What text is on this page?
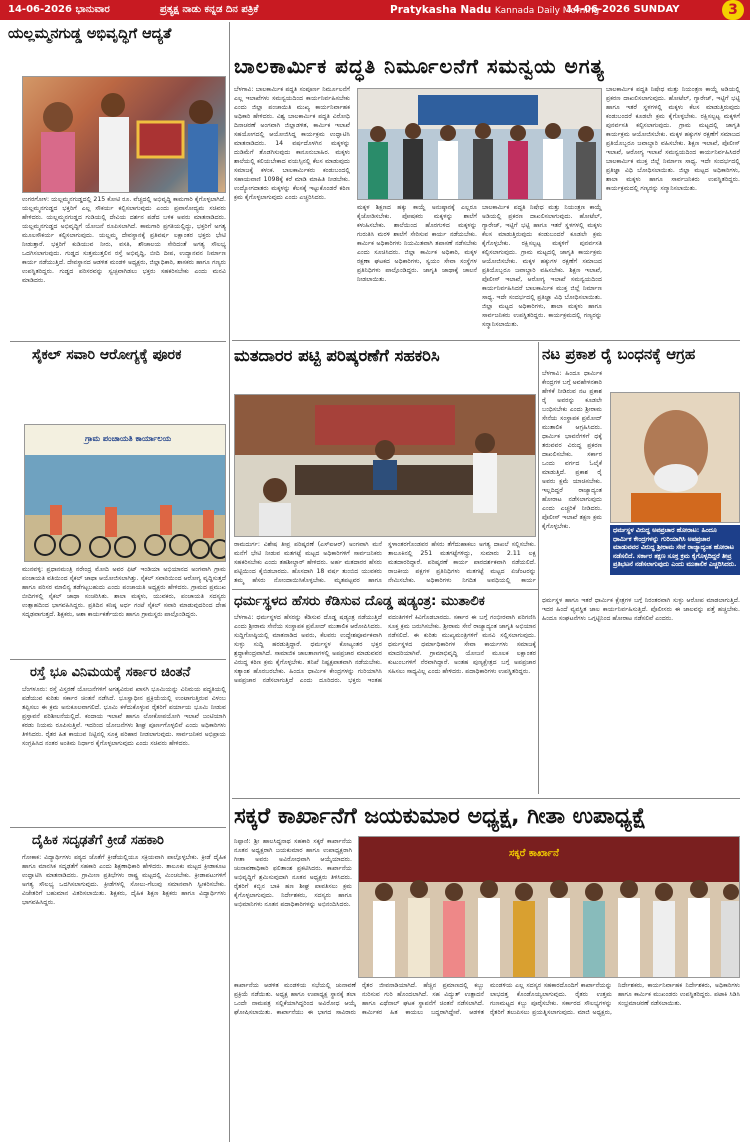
14-06-2026 ಭಾನುವಾರ	ಪ್ರತ್ಯಕ್ಷ ನಾಡು ಕನ್ನಡ ದಿನ ಪತ್ರಿಕೆ	Pratykasha Nadu Kannada Daily Morning
14-06-2026 SUNDAY	3
ಯಲ್ಲಮ್ಮನಗುಡ್ಡ ಅಭಿವೃದ್ಧಿಗೆ ಆದ್ಯತೆ
ಉಗರಗೋಳ: ಯಲ್ಲಮ್ಮನಗುಡ್ಡದಲ್ಲಿ 215 ಕೋಟಿ ರೂ. ವೆಚ್ಚದಲ್ಲಿ ಅಭಿವೃದ್ಧಿ ಕಾಮಗಾರಿ ಕೈಗೊಳ್ಳಲಾಗಿದೆ. ಯಲ್ಲಮ್ಮನಗುಡ್ಡದ ಭಕ್ತರಿಗೆ ಎಲ್ಲ ಸೌಕರ್ಯ ಕಲ್ಪಿಸಲಾಗುವುದು ಎಂದು ಪ್ರವಾಸೋದ್ಯಮ ಸಚಿವರು ಹೇಳಿದರು. ಯಲ್ಲಮ್ಮನಗುಡ್ಡದ ಗುಡಿಯಲ್ಲಿ ದೇವಿಯ ದರ್ಶನ ಪಡೆದ ಬಳಿಕ ಅವರು ಮಾತನಾಡಿದರು. ಯಲ್ಲಮ್ಮನಗುಡ್ಡದ ಅಭಿವೃದ್ಧಿಗೆ ಯೋಜನೆ ರೂಪಿಸಲಾಗಿದೆ. ಕಾಮಗಾರಿ ಪ್ರಗತಿಯಲ್ಲಿದ್ದು, ಭಕ್ತರಿಗೆ ಅಗತ್ಯ ಮೂಲಸೌಕರ್ಯ ಕಲ್ಪಿಸಲಾಗುವುದು. ಯಲ್ಲಮ್ಮ ದೇವಸ್ಥಾನಕ್ಕೆ ಪ್ರತಿವರ್ಷ ಲಕ್ಷಾಂತರ ಭಕ್ತರು ಭೇಟಿ ನೀಡುತ್ತಾರೆ. ಭಕ್ತರಿಗೆ ಕುಡಿಯುವ ನೀರು, ವಸತಿ, ಶೌಚಾಲಯ ಸೇರಿದಂತೆ ಅಗತ್ಯ ಸೌಲಭ್ಯ ಒದಗಿಸಲಾಗುವುದು. ಗುಡ್ಡದ ಸುತ್ತಮುತ್ತಲಿನ ರಸ್ತೆ ಅಭಿವೃದ್ಧಿ, ಬೀದಿ ದೀಪ, ಉದ್ಯಾನವನ ನಿರ್ಮಾಣ ಕಾರ್ಯ ನಡೆಯುತ್ತಿದೆ. ದೇವಸ್ಥಾನದ ಆಡಳಿತ ಮಂಡಳಿ ಅಧ್ಯಕ್ಷರು, ಜಿಲ್ಲಾಧಿಕಾರಿ, ಶಾಸಕರು ಹಾಗೂ ಗಣ್ಯರು ಉಪಸ್ಥಿತರಿದ್ದರು. ಗುಡ್ಡದ ಪರಿಸರವನ್ನು ಸ್ವಚ್ಛವಾಗಿಡಲು ಭಕ್ತರು ಸಹಕರಿಸಬೇಕು ಎಂದು ಮನವಿ ಮಾಡಿದರು.
ಸೈಕಲ್ ಸವಾರಿ ಆರೋಗ್ಯಕ್ಕೆ ಪೂರಕ
ಗ್ರಾಮ ಪಂಚಾಯತಿ ಕಾರ್ಯಾಲಯ
ಮುನವಳ್ಳಿ: ಪ್ರಧಾನಮಂತ್ರಿ ನರೇಂದ್ರ ಮೋದಿ ಅವರ ಫಿಟ್ ಇಂಡಿಯಾ ಅಭಿಯಾನದ ಅಂಗವಾಗಿ ಗ್ರಾಮ ಪಂಚಾಯತಿ ವತಿಯಿಂದ ಸೈಕಲ್ ಜಾಥಾ ಆಯೋಜಿಸಲಾಗಿತ್ತು. ಸೈಕಲ್ ಸವಾರಿಯಿಂದ ಆರೋಗ್ಯ ವೃದ್ಧಿಸುತ್ತದೆ ಹಾಗೂ ಪರಿಸರ ಮಾಲಿನ್ಯ ತಡೆಗಟ್ಟಬಹುದು ಎಂದು ಪಂಚಾಯತಿ ಅಧ್ಯಕ್ಷರು ಹೇಳಿದರು. ಗ್ರಾಮದ ಪ್ರಮುಖ ಬೀದಿಗಳಲ್ಲಿ ಸೈಕಲ್ ಜಾಥಾ ಸಂಚರಿಸಿತು. ಶಾಲಾ ಮಕ್ಕಳು, ಯುವಕರು, ಪಂಚಾಯತಿ ಸದಸ್ಯರು ಉತ್ಸಾಹದಿಂದ ಭಾಗವಹಿಸಿದ್ದರು. ಪ್ರತಿದಿನ ಕನಿಷ್ಠ ಅರ್ಧ ಗಂಟೆ ಸೈಕಲ್ ಸವಾರಿ ಮಾಡುವುದರಿಂದ ದೇಹ ಸದೃಢವಾಗುತ್ತದೆ. ಶಿಕ್ಷಕರು, ಆಶಾ ಕಾರ್ಯಕರ್ತೆಯರು ಹಾಗೂ ಗ್ರಾಮಸ್ಥರು ಪಾಲ್ಗೊಂಡಿದ್ದರು.
ರಸ್ತೆ ಭೂ ವಿನಿಮಯಕ್ಕೆ ಸರ್ಕಾರ ಚಿಂತನೆ
ಬೆಂಗಳೂರು: ರಸ್ತೆ ವಿಸ್ತರಣೆ ಯೋಜನೆಗಳಿಗೆ ಅಗತ್ಯವಿರುವ ಖಾಸಗಿ ಭೂಮಿಯನ್ನು ವಿನಿಮಯ ಪದ್ಧತಿಯಲ್ಲಿ ಪಡೆಯುವ ಕುರಿತು ಸರ್ಕಾರ ಚಿಂತನೆ ನಡೆಸಿದೆ. ಭೂಸ್ವಾಧೀನ ಪ್ರಕ್ರಿಯೆಯಲ್ಲಿ ಉಂಟಾಗುತ್ತಿರುವ ವಿಳಂಬ ತಪ್ಪಿಸಲು ಈ ಕ್ರಮ ಅನುಕೂಲವಾಗಲಿದೆ. ಭೂಮಿ ಕಳೆದುಕೊಳ್ಳುವ ರೈತರಿಗೆ ಪರ್ಯಾಯ ಭೂಮಿ ನೀಡುವ ಪ್ರಸ್ತಾವನೆ ಪರಿಶೀಲನೆಯಲ್ಲಿದೆ. ಕಂದಾಯ ಇಲಾಖೆ ಹಾಗೂ ಲೋಕೋಪಯೋಗಿ ಇಲಾಖೆ ಜಂಟಿಯಾಗಿ ಕರಡು ನಿಯಮ ರೂಪಿಸುತ್ತಿವೆ. ಇದರಿಂದ ಯೋಜನೆಗಳು ಶೀಘ್ರ ಪೂರ್ಣಗೊಳ್ಳಲಿವೆ ಎಂದು ಅಧಿಕಾರಿಗಳು ತಿಳಿಸಿದರು. ರೈತರ ಹಿತ ಕಾಯುವ ನಿಟ್ಟಿನಲ್ಲಿ ಸೂಕ್ತ ಪರಿಹಾರ ನೀಡಲಾಗುವುದು. ಸಾರ್ವಜನಿಕರ ಅಭಿಪ್ರಾಯ ಸಂಗ್ರಹಿಸಿದ ನಂತರ ಅಂತಿಮ ನಿರ್ಧಾರ ಕೈಗೊಳ್ಳಲಾಗುವುದು ಎಂದು ಸಚಿವರು ಹೇಳಿದರು.
ದೈಹಿಕ ಸದೃಢತೆಗೆ ಕ್ರೀಡೆ ಸಹಕಾರಿ
ಗೋಕಾಕ: ವಿದ್ಯಾರ್ಥಿಗಳು ಪಠ್ಯದ ಜೊತೆಗೆ ಕ್ರೀಡೆಯಲ್ಲಿಯೂ ಸಕ್ರಿಯವಾಗಿ ಪಾಲ್ಗೊಳ್ಳಬೇಕು. ಕ್ರೀಡೆ ದೈಹಿಕ ಹಾಗೂ ಮಾನಸಿಕ ಸದೃಢತೆಗೆ ಸಹಕಾರಿ ಎಂದು ಶಿಕ್ಷಣಾಧಿಕಾರಿ ಹೇಳಿದರು. ತಾಲೂಕು ಮಟ್ಟದ ಕ್ರೀಡಾಕೂಟ ಉದ್ಘಾಟಿಸಿ ಮಾತನಾಡಿದರು. ಗ್ರಾಮೀಣ ಪ್ರತಿಭೆಗಳು ರಾಷ್ಟ್ರ ಮಟ್ಟದಲ್ಲಿ ಮಿಂಚಬೇಕು. ಕ್ರೀಡಾಪಟುಗಳಿಗೆ ಅಗತ್ಯ ಸೌಲಭ್ಯ ಒದಗಿಸಲಾಗುವುದು. ಕ್ರೀಡೆಗಳಲ್ಲಿ ಸೋಲು-ಗೆಲುವು ಸಮಾನವಾಗಿ ಸ್ವೀಕರಿಸಬೇಕು. ವಿಜೇತರಿಗೆ ಬಹುಮಾನ ವಿತರಿಸಲಾಯಿತು. ಶಿಕ್ಷಕರು, ದೈಹಿಕ ಶಿಕ್ಷಣ ಶಿಕ್ಷಕರು ಹಾಗೂ ವಿದ್ಯಾರ್ಥಿಗಳು ಭಾಗವಹಿಸಿದ್ದರು.
ಬಾಲಕಾರ್ಮಿಕ ಪದ್ಧತಿ ನಿರ್ಮೂಲನೆಗೆ ಸಮನ್ವಯ ಅಗತ್ಯ
ಬೆಳಗಾವಿ: ಬಾಲಕಾರ್ಮಿಕ ಪದ್ಧತಿ ಸಂಪೂರ್ಣ ನಿರ್ಮೂಲನೆಗೆ ಎಲ್ಲ ಇಲಾಖೆಗಳು ಸಮನ್ವಯದಿಂದ ಕಾರ್ಯನಿರ್ವಹಿಸಬೇಕು ಎಂದು ಜಿಲ್ಲಾ ಪಂಚಾಯಿತಿ ಮುಖ್ಯ ಕಾರ್ಯನಿರ್ವಾಹಕ ಅಧಿಕಾರಿ ಹೇಳಿದರು. ವಿಶ್ವ ಬಾಲಕಾರ್ಮಿಕ ಪದ್ಧತಿ ವಿರೋಧಿ ದಿನಾಚರಣೆ ಅಂಗವಾಗಿ ಜಿಲ್ಲಾಡಳಿತ, ಕಾರ್ಮಿಕ ಇಲಾಖೆ ಸಹಯೋಗದಲ್ಲಿ ಆಯೋಜಿಸಿದ್ದ ಕಾರ್ಯಕ್ರಮ ಉದ್ಘಾಟಿಸಿ ಮಾತನಾಡಿದರು. 14 ವರ್ಷದೊಳಗಿನ ಮಕ್ಕಳನ್ನು ದುಡಿಮೆಗೆ ತೊಡಗಿಸುವುದು ಕಾನೂನುಬಾಹಿರ. ಮಕ್ಕಳು ಶಾಲೆಯಲ್ಲಿ ಕಲಿಯಬೇಕಾದ ವಯಸ್ಸಿನಲ್ಲಿ ಕೆಲಸ ಮಾಡುವುದು ಸಮಾಜಕ್ಕೆ ಕಳಂಕ. ಬಾಲಕಾರ್ಮಿಕರು ಕಂಡುಬಂದಲ್ಲಿ ಸಹಾಯವಾಣಿ 1098ಕ್ಕೆ ಕರೆ ಮಾಡಿ ಮಾಹಿತಿ ನೀಡಬೇಕು. ಉದ್ಯೋಗದಾತರು ಮಕ್ಕಳನ್ನು ಕೆಲಸಕ್ಕೆ ಇಟ್ಟುಕೊಂಡರೆ ಕಠಿಣ ಕ್ರಮ ಕೈಗೊಳ್ಳಲಾಗುವುದು ಎಂದು ಎಚ್ಚರಿಸಿದರು.
ಮಕ್ಕಳ ಶಿಕ್ಷಣದ ಹಕ್ಕು ಕಾಯ್ದೆ ಅನುಷ್ಠಾನಕ್ಕೆ ಎಲ್ಲರೂ ಕೈಜೋಡಿಸಬೇಕು. ಪೋಷಕರು ಮಕ್ಕಳನ್ನು ಶಾಲೆಗೆ ಕಳುಹಿಸಬೇಕು. ಶಾಲೆಯಿಂದ ಹೊರಗುಳಿದ ಮಕ್ಕಳನ್ನು ಗುರುತಿಸಿ ಮರಳಿ ಶಾಲೆಗೆ ಸೇರಿಸುವ ಕಾರ್ಯ ನಡೆಯಬೇಕು. ಕಾರ್ಮಿಕ ಅಧಿಕಾರಿಗಳು ನಿಯಮಿತವಾಗಿ ತಪಾಸಣೆ ನಡೆಸಬೇಕು ಎಂದು ಸೂಚಿಸಿದರು. ಜಿಲ್ಲಾ ಕಾರ್ಮಿಕ ಅಧಿಕಾರಿ, ಮಕ್ಕಳ ರಕ್ಷಣಾ ಘಟಕದ ಅಧಿಕಾರಿಗಳು, ಸ್ವಯಂ ಸೇವಾ ಸಂಸ್ಥೆಗಳ ಪ್ರತಿನಿಧಿಗಳು ಪಾಲ್ಗೊಂಡಿದ್ದರು. ಜಾಗೃತಿ ಜಾಥಾಕ್ಕೆ ಚಾಲನೆ ನೀಡಲಾಯಿತು.
ಬಾಲಕಾರ್ಮಿಕ ಪದ್ಧತಿ ನಿಷೇಧ ಮತ್ತು ನಿಯಂತ್ರಣ ಕಾಯ್ದೆ ಅಡಿಯಲ್ಲಿ ಪ್ರಕರಣ ದಾಖಲಿಸಲಾಗುವುದು. ಹೋಟೆಲ್, ಗ್ಯಾರೇಜ್, ಇಟ್ಟಿಗೆ ಭಟ್ಟಿ ಹಾಗೂ ಇತರೆ ಸ್ಥಳಗಳಲ್ಲಿ ಮಕ್ಕಳು ಕೆಲಸ ಮಾಡುತ್ತಿರುವುದು ಕಂಡುಬಂದರೆ ಕೂಡಲೇ ಕ್ರಮ ಕೈಗೊಳ್ಳಬೇಕು. ರಕ್ಷಿಸಲ್ಪಟ್ಟ ಮಕ್ಕಳಿಗೆ ಪುನರ್ವಸತಿ ಕಲ್ಪಿಸಲಾಗುವುದು. ಗ್ರಾಮ ಮಟ್ಟದಲ್ಲಿ ಜಾಗೃತಿ ಕಾರ್ಯಕ್ರಮ ಆಯೋಜಿಸಬೇಕು. ಮಕ್ಕಳ ಹಕ್ಕುಗಳ ರಕ್ಷಣೆಗೆ ಸಮಾಜದ ಪ್ರತಿಯೊಬ್ಬರೂ ಜವಾಬ್ದಾರಿ ವಹಿಸಬೇಕು. ಶಿಕ್ಷಣ ಇಲಾಖೆ, ಪೊಲೀಸ್ ಇಲಾಖೆ, ಆರೋಗ್ಯ ಇಲಾಖೆ ಸಮನ್ವಯದಿಂದ ಕಾರ್ಯನಿರ್ವಹಿಸಿದರೆ ಬಾಲಕಾರ್ಮಿಕ ಮುಕ್ತ ಜಿಲ್ಲೆ ನಿರ್ಮಾಣ ಸಾಧ್ಯ. ಇದೇ ಸಂದರ್ಭದಲ್ಲಿ ಪ್ರತಿಜ್ಞಾ ವಿಧಿ ಬೋಧಿಸಲಾಯಿತು. ಜಿಲ್ಲಾ ಮಟ್ಟದ ಅಧಿಕಾರಿಗಳು, ಶಾಲಾ ಮಕ್ಕಳು ಹಾಗೂ ಸಾರ್ವಜನಿಕರು ಉಪಸ್ಥಿತರಿದ್ದರು. ಕಾರ್ಯಕ್ರಮದಲ್ಲಿ ಗಣ್ಯರನ್ನು ಸನ್ಮಾನಿಸಲಾಯಿತು.
ಬಾಲಕಾರ್ಮಿಕ ಪದ್ಧತಿ ನಿಷೇಧ ಮತ್ತು ನಿಯಂತ್ರಣ ಕಾಯ್ದೆ ಅಡಿಯಲ್ಲಿ ಪ್ರಕರಣ ದಾಖಲಿಸಲಾಗುವುದು. ಹೋಟೆಲ್, ಗ್ಯಾರೇಜ್, ಇಟ್ಟಿಗೆ ಭಟ್ಟಿ ಹಾಗೂ ಇತರೆ ಸ್ಥಳಗಳಲ್ಲಿ ಮಕ್ಕಳು ಕೆಲಸ ಮಾಡುತ್ತಿರುವುದು ಕಂಡುಬಂದರೆ ಕೂಡಲೇ ಕ್ರಮ ಕೈಗೊಳ್ಳಬೇಕು. ರಕ್ಷಿಸಲ್ಪಟ್ಟ ಮಕ್ಕಳಿಗೆ ಪುನರ್ವಸತಿ ಕಲ್ಪಿಸಲಾಗುವುದು. ಗ್ರಾಮ ಮಟ್ಟದಲ್ಲಿ ಜಾಗೃತಿ ಕಾರ್ಯಕ್ರಮ ಆಯೋಜಿಸಬೇಕು. ಮಕ್ಕಳ ಹಕ್ಕುಗಳ ರಕ್ಷಣೆಗೆ ಸಮಾಜದ ಪ್ರತಿಯೊಬ್ಬರೂ ಜವಾಬ್ದಾರಿ ವಹಿಸಬೇಕು. ಶಿಕ್ಷಣ ಇಲಾಖೆ, ಪೊಲೀಸ್ ಇಲಾಖೆ, ಆರೋಗ್ಯ ಇಲಾಖೆ ಸಮನ್ವಯದಿಂದ ಕಾರ್ಯನಿರ್ವಹಿಸಿದರೆ ಬಾಲಕಾರ್ಮಿಕ ಮುಕ್ತ ಜಿಲ್ಲೆ ನಿರ್ಮಾಣ ಸಾಧ್ಯ. ಇದೇ ಸಂದರ್ಭದಲ್ಲಿ ಪ್ರತಿಜ್ಞಾ ವಿಧಿ ಬೋಧಿಸಲಾಯಿತು. ಜಿಲ್ಲಾ ಮಟ್ಟದ ಅಧಿಕಾರಿಗಳು, ಶಾಲಾ ಮಕ್ಕಳು ಹಾಗೂ ಸಾರ್ವಜನಿಕರು ಉಪಸ್ಥಿತರಿದ್ದರು. ಕಾರ್ಯಕ್ರಮದಲ್ಲಿ ಗಣ್ಯರನ್ನು ಸನ್ಮಾನಿಸಲಾಯಿತು.
ಮತದಾರರ ಪಟ್ಟಿ ಪರಿಷ್ಕರಣೆಗೆ ಸಹಕರಿಸಿ
ರಾಮದುರ್ಗ: ವಿಶೇಷ ತೀವ್ರ ಪರಿಷ್ಕರಣೆ (ಎಸ್ಐಆರ್) ಅಂಗವಾಗಿ ಮನೆ ಮನೆಗೆ ಭೇಟಿ ನೀಡುವ ಮತಗಟ್ಟೆ ಮಟ್ಟದ ಅಧಿಕಾರಿಗಳಿಗೆ ಸಾರ್ವಜನಿಕರು ಸಹಕರಿಸಬೇಕು ಎಂದು ತಹಶೀಲ್ದಾರ್ ಹೇಳಿದರು. ಅರ್ಹ ಮತದಾರರ ಹೆಸರು ಪಟ್ಟಿಯಿಂದ ಕೈಬಿಡಬಾರದು. ಹೊಸದಾಗಿ 18 ವರ್ಷ ತುಂಬಿದ ಯುವಕರು ತಮ್ಮ ಹೆಸರು ನೋಂದಾಯಿಸಿಕೊಳ್ಳಬೇಕು. ಮೃತಪಟ್ಟವರ ಹಾಗೂ ಸ್ಥಳಾಂತರಗೊಂಡವರ ಹೆಸರು ತೆಗೆದುಹಾಕಲು ಅಗತ್ಯ ದಾಖಲೆ ಸಲ್ಲಿಸಬೇಕು. ತಾಲೂಕಿನಲ್ಲಿ 251 ಮತಗಟ್ಟೆಗಳಿದ್ದು, ಸುಮಾರು 2.11 ಲಕ್ಷ ಮತದಾರರಿದ್ದಾರೆ. ಪರಿಷ್ಕರಣೆ ಕಾರ್ಯ ಪಾರದರ್ಶಕವಾಗಿ ನಡೆಯಲಿದೆ. ರಾಜಕೀಯ ಪಕ್ಷಗಳ ಪ್ರತಿನಿಧಿಗಳು ಮತಗಟ್ಟೆ ಮಟ್ಟದ ಏಜೆಂಟರನ್ನು ನೇಮಿಸಬೇಕು. ಅಧಿಕಾರಿಗಳು ನಿಗದಿತ ಅವಧಿಯಲ್ಲಿ ಕಾರ್ಯ
ಧರ್ಮಸ್ಥಳದ ಹೆಸರು ಕೆಡಿಸುವ ದೊಡ್ಡ ಷಡ್ಯಂತ್ರ: ಮುತಾಲಿಕ
ಬೆಳಗಾವಿ: ಧರ್ಮಸ್ಥಳದ ಹೆಸರನ್ನು ಕೆಡಿಸುವ ದೊಡ್ಡ ಷಡ್ಯಂತ್ರ ನಡೆಯುತ್ತಿದೆ ಎಂದು ಶ್ರೀರಾಮ ಸೇನೆಯ ಸಂಸ್ಥಾಪಕ ಪ್ರಮೋದ್ ಮುತಾಲಿಕ ಆರೋಪಿಸಿದರು. ಸುದ್ದಿಗೋಷ್ಠಿಯಲ್ಲಿ ಮಾತನಾಡಿದ ಅವರು, ಕೆಲವರು ಉದ್ದೇಶಪೂರ್ವಕವಾಗಿ ಸುಳ್ಳು ಸುದ್ದಿ ಹರಡುತ್ತಿದ್ದಾರೆ. ಧರ್ಮಸ್ಥಳ ಕೋಟ್ಯಂತರ ಭಕ್ತರ ಶ್ರದ್ಧಾಕೇಂದ್ರವಾಗಿದೆ. ಸಾಮಾಜಿಕ ಜಾಲತಾಣಗಳಲ್ಲಿ ಅಪಪ್ರಚಾರ ಮಾಡುವವರ ವಿರುದ್ಧ ಕಠಿಣ ಕ್ರಮ ಕೈಗೊಳ್ಳಬೇಕು. ತನಿಖೆ ನಿಷ್ಪಕ್ಷಪಾತವಾಗಿ ನಡೆಯಬೇಕು. ಸತ್ಯಾಂಶ ಹೊರಬರಬೇಕು. ಹಿಂದೂ ಧಾರ್ಮಿಕ ಕೇಂದ್ರಗಳನ್ನು ಗುರಿಯಾಗಿಸಿ ಅಪಪ್ರಚಾರ ನಡೆಸಲಾಗುತ್ತಿದೆ ಎಂದು ದೂರಿದರು. ಭಕ್ತರು ಇಂತಹ ವದಂತಿಗಳಿಗೆ ಕಿವಿಗೊಡಬಾರದು. ಸರ್ಕಾರ ಈ ಬಗ್ಗೆ ಗಂಭೀರವಾಗಿ ಪರಿಗಣಿಸಿ ಸೂಕ್ತ ಕ್ರಮ ಜರುಗಿಸಬೇಕು. ಶ್ರೀರಾಮ ಸೇನೆ ರಾಜ್ಯಾದ್ಯಂತ ಜಾಗೃತಿ ಅಭಿಯಾನ ನಡೆಸಲಿದೆ. ಈ ಕುರಿತು ಮುಖ್ಯಮಂತ್ರಿಗಳಿಗೆ ಮನವಿ ಸಲ್ಲಿಸಲಾಗುವುದು. ಧರ್ಮಸ್ಥಳದ ಧರ್ಮಾಧಿಕಾರಿಗಳ ಸೇವಾ ಕಾರ್ಯಗಳು ಸಮಾಜಕ್ಕೆ ಮಾದರಿಯಾಗಿವೆ. ಗ್ರಾಮಾಭಿವೃದ್ಧಿ ಯೋಜನೆ ಮೂಲಕ ಲಕ್ಷಾಂತರ ಕುಟುಂಬಗಳಿಗೆ ನೆರವಾಗಿದ್ದಾರೆ. ಅಂತಹ ಪುಣ್ಯಕ್ಷೇತ್ರದ ಬಗ್ಗೆ ಅಪಪ್ರಚಾರ ಸಹಿಸಲು ಸಾಧ್ಯವಿಲ್ಲ ಎಂದು ಹೇಳಿದರು. ಪದಾಧಿಕಾರಿಗಳು ಉಪಸ್ಥಿತರಿದ್ದರು.
ನಟ ಪ್ರಕಾಶ ರೈ ಬಂಧನಕ್ಕೆ ಆಗ್ರಹ
ಬೆಳಗಾವಿ: ಹಿಂದೂ ಧಾರ್ಮಿಕ ಕೇಂದ್ರಗಳ ಬಗ್ಗೆ ಅವಹೇಳನಕಾರಿ ಹೇಳಿಕೆ ನೀಡಿರುವ ನಟ ಪ್ರಕಾಶ ರೈ ಅವರನ್ನು ಕೂಡಲೇ ಬಂಧಿಸಬೇಕು ಎಂದು ಶ್ರೀರಾಮ ಸೇನೆಯ ಸಂಸ್ಥಾಪಕ ಪ್ರಮೋದ್ ಮುತಾಲಿಕ ಆಗ್ರಹಿಸಿದರು. ಧಾರ್ಮಿಕ ಭಾವನೆಗಳಿಗೆ ಧಕ್ಕೆ ತರುವವರ ವಿರುದ್ಧ ಪ್ರಕರಣ ದಾಖಲಿಸಬೇಕು. ಸರ್ಕಾರ ಒಂದು ವರ್ಗದ ಓಲೈಕೆ ಮಾಡುತ್ತಿದೆ. ಪ್ರಕಾಶ ರೈ ಅವರು ಕ್ಷಮೆ ಯಾಚಿಸಬೇಕು. ಇಲ್ಲದಿದ್ದರೆ ರಾಜ್ಯಾದ್ಯಂತ ಹೋರಾಟ ನಡೆಸಲಾಗುವುದು ಎಂದು ಎಚ್ಚರಿಕೆ ನೀಡಿದರು. ಪೊಲೀಸ್ ಇಲಾಖೆ ತಕ್ಷಣ ಕ್ರಮ ಕೈಗೊಳ್ಳಬೇಕು.
ಧರ್ಮಸ್ಥಳ ವಿರುದ್ಧ ಅಪಪ್ರಚಾರ ಹೋರಾಟ: ಹಿಂದೂ ಧಾರ್ಮಿಕ ಕೇಂದ್ರಗಳನ್ನು ಗುರಿಯಾಗಿಸಿ ಅಪಪ್ರಚಾರ ಮಾಡುವವರ ವಿರುದ್ಧ ಶ್ರೀರಾಮ ಸೇನೆ ರಾಜ್ಯಾದ್ಯಂತ ಹೋರಾಟ ನಡೆಸಲಿದೆ. ಸರ್ಕಾರ ತಕ್ಷಣ ಸೂಕ್ತ ಕ್ರಮ ಕೈಗೊಳ್ಳದಿದ್ದರೆ ತೀವ್ರ ಪ್ರತಿಭಟನೆ ನಡೆಸಲಾಗುವುದು ಎಂದು ಮುತಾಲಿಕ ಎಚ್ಚರಿಸಿದರು.
ಧರ್ಮಸ್ಥಳ ಹಾಗೂ ಇತರೆ ಧಾರ್ಮಿಕ ಕ್ಷೇತ್ರಗಳ ಬಗ್ಗೆ ನಿರಂತರವಾಗಿ ಸುಳ್ಳು ಆರೋಪ ಮಾಡಲಾಗುತ್ತಿದೆ. ಇದರ ಹಿಂದೆ ವ್ಯವಸ್ಥಿತ ಜಾಲ ಕಾರ್ಯನಿರ್ವಹಿಸುತ್ತಿದೆ. ಪೊಲೀಸರು ಈ ಜಾಲವನ್ನು ಪತ್ತೆ ಹಚ್ಚಬೇಕು. ಹಿಂದೂ ಸಂಘಟನೆಗಳು ಒಗ್ಗಟ್ಟಿನಿಂದ ಹೋರಾಟ ನಡೆಸಲಿವೆ ಎಂದರು.
ಸಕ್ಕರೆ ಕಾರ್ಖಾನೆಗೆ ಜಯಕುಮಾರ ಅಧ್ಯಕ್ಷ, ಗೀತಾ ಉಪಾಧ್ಯಕ್ಷೆ
ನಿಪ್ಪಾಣಿ: ಶ್ರೀ ಹಾಲಸಿದ್ಧನಾಥ ಸಹಕಾರಿ ಸಕ್ಕರೆ ಕಾರ್ಖಾನೆಯ ನೂತನ ಅಧ್ಯಕ್ಷರಾಗಿ ಜಯಕುಮಾರ ಹಾಗೂ ಉಪಾಧ್ಯಕ್ಷರಾಗಿ ಗೀತಾ ಅವರು ಅವಿರೋಧವಾಗಿ ಆಯ್ಕೆಯಾದರು. ಚುನಾವಣಾಧಿಕಾರಿ ಫಲಿತಾಂಶ ಪ್ರಕಟಿಸಿದರು. ಕಾರ್ಖಾನೆಯ ಅಭಿವೃದ್ಧಿಗೆ ಶ್ರಮಿಸುವುದಾಗಿ ನೂತನ ಅಧ್ಯಕ್ಷರು ತಿಳಿಸಿದರು. ರೈತರಿಗೆ ಕಬ್ಬಿನ ಬಾಕಿ ಹಣ ಶೀಘ್ರ ಪಾವತಿಸಲು ಕ್ರಮ ಕೈಗೊಳ್ಳಲಾಗುವುದು. ನಿರ್ದೇಶಕರು, ಸದಸ್ಯರು ಹಾಗೂ ಅಭಿಮಾನಿಗಳು ನೂತನ ಪದಾಧಿಕಾರಿಗಳನ್ನು ಅಭಿನಂದಿಸಿದರು.
ಸಕ್ಕರೆ ಕಾರ್ಖಾನೆ
ಕಾರ್ಖಾನೆಯ ಆಡಳಿತ ಮಂಡಳಿಯ ಸಭೆಯಲ್ಲಿ ಚುನಾವಣೆ ಪ್ರಕ್ರಿಯೆ ನಡೆಯಿತು. ಅಧ್ಯಕ್ಷ ಹಾಗೂ ಉಪಾಧ್ಯಕ್ಷ ಸ್ಥಾನಕ್ಕೆ ತಲಾ ಒಂದೇ ನಾಮಪತ್ರ ಸಲ್ಲಿಕೆಯಾಗಿದ್ದರಿಂದ ಅವಿರೋಧ ಆಯ್ಕೆ ಘೋಷಿಸಲಾಯಿತು. ಕಾರ್ಖಾನೆಯು ಈ ಭಾಗದ ಸಾವಿರಾರು ರೈತರ ಜೀವನಾಡಿಯಾಗಿದೆ. ಹೆಚ್ಚಿನ ಪ್ರಮಾಣದಲ್ಲಿ ಕಬ್ಬು ನುರಿಸುವ ಗುರಿ ಹೊಂದಲಾಗಿದೆ. ಸಹ ವಿದ್ಯುತ್ ಉತ್ಪಾದನೆ ಹಾಗೂ ಎಥೆನಾಲ್ ಘಟಕ ಸ್ಥಾಪನೆಗೆ ಚಿಂತನೆ ನಡೆಸಲಾಗಿದೆ. ಕಾರ್ಮಿಕರ ಹಿತ ಕಾಯಲು ಬದ್ಧರಾಗಿದ್ದೇವೆ. ಆಡಳಿತ ಮಂಡಳಿಯ ಎಲ್ಲ ಸದಸ್ಯರ ಸಹಕಾರದೊಂದಿಗೆ ಕಾರ್ಖಾನೆಯನ್ನು ಲಾಭದತ್ತ ಕೊಂಡೊಯ್ಯಲಾಗುವುದು. ರೈತರು ಉತ್ತಮ ಗುಣಮಟ್ಟದ ಕಬ್ಬು ಪೂರೈಸಬೇಕು. ಸರ್ಕಾರದ ಸೌಲಭ್ಯಗಳನ್ನು ರೈತರಿಗೆ ತಲುಪಿಸಲು ಪ್ರಯತ್ನಿಸಲಾಗುವುದು. ಮಾಜಿ ಅಧ್ಯಕ್ಷರು, ನಿರ್ದೇಶಕರು, ಕಾರ್ಯನಿರ್ವಾಹಕ ನಿರ್ದೇಶಕರು, ಅಧಿಕಾರಿಗಳು ಹಾಗೂ ಕಾರ್ಮಿಕ ಮುಖಂಡರು ಉಪಸ್ಥಿತರಿದ್ದರು. ಪಟಾಕಿ ಸಿಡಿಸಿ ಸಂಭ್ರಮಾಚರಣೆ ನಡೆಸಲಾಯಿತು.
